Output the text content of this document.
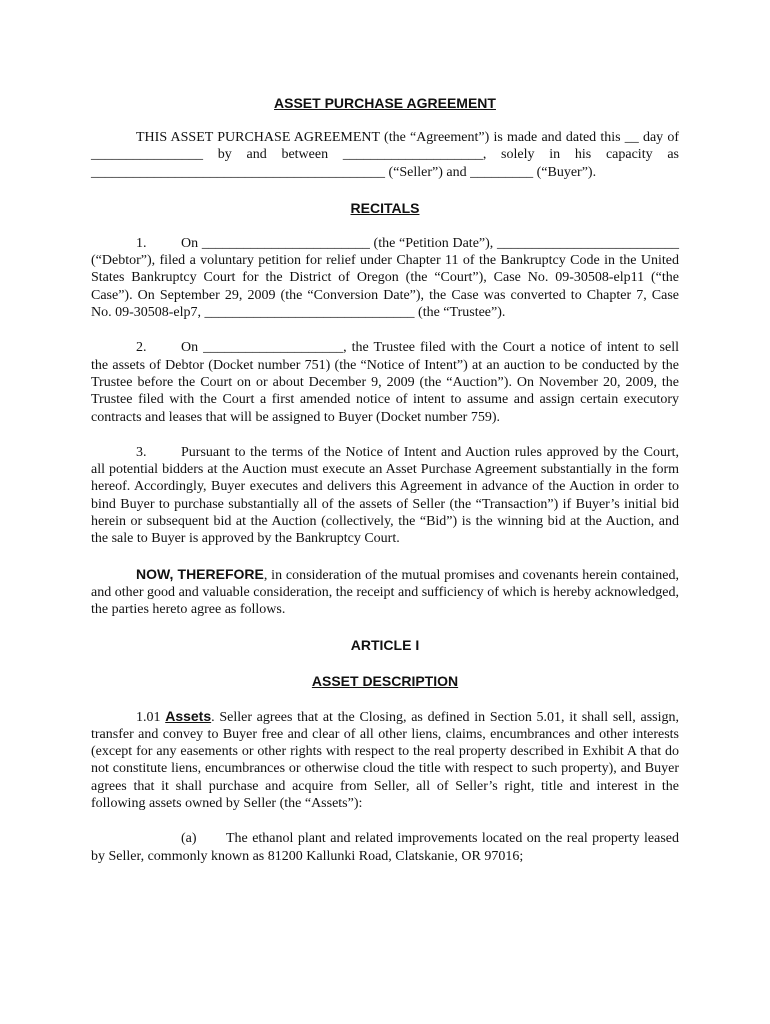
ASSET PURCHASE AGREEMENT

THIS ASSET PURCHASE AGREEMENT (the “Agreement”) is made and dated this __ day of ________________ by and between ____________________, solely in his capacity as __________________________________________ (“Seller”) and _________ (“Buyer”).

RECITALS

1. On ________________________ (the “Petition Date”), __________________________ (“Debtor”), filed a voluntary petition for relief under Chapter 11 of the Bankruptcy Code in the United States Bankruptcy Court for the District of Oregon (the “Court”), Case No. 09-30508-elp11 (“the Case”). On September 29, 2009 (the “Conversion Date”), the Case was converted to Chapter 7, Case No. 09-30508-elp7, ______________________________ (the “Trustee”).

2. On ____________________, the Trustee filed with the Court a notice of intent to sell the assets of Debtor (Docket number 751) (the “Notice of Intent”) at an auction to be conducted by the Trustee before the Court on or about December 9, 2009 (the “Auction”). On November 20, 2009, the Trustee filed with the Court a first amended notice of intent to assume and assign certain executory contracts and leases that will be assigned to Buyer (Docket number 759).

3. Pursuant to the terms of the Notice of Intent and Auction rules approved by the Court, all potential bidders at the Auction must execute an Asset Purchase Agreement substantially in the form hereof. Accordingly, Buyer executes and delivers this Agreement in advance of the Auction in order to bind Buyer to purchase substantially all of the assets of Seller (the “Transaction”) if Buyer’s initial bid herein or subsequent bid at the Auction (collectively, the “Bid”) is the winning bid at the Auction, and the sale to Buyer is approved by the Bankruptcy Court.

NOW, THEREFORE, in consideration of the mutual promises and covenants herein contained, and other good and valuable consideration, the receipt and sufficiency of which is hereby acknowledged, the parties hereto agree as follows.

ARTICLE I

ASSET DESCRIPTION

1.01 Assets. Seller agrees that at the Closing, as defined in Section 5.01, it shall sell, assign, transfer and convey to Buyer free and clear of all other liens, claims, encumbrances and other interests (except for any easements or other rights with respect to the real property described in Exhibit A that do not constitute liens, encumbrances or otherwise cloud the title with respect to such property), and Buyer agrees that it shall purchase and acquire from Seller, all of Seller’s right, title and interest in the following assets owned by Seller (the “Assets”):

(a) The ethanol plant and related improvements located on the real property leased by Seller, commonly known as 81200 Kallunki Road, Clatskanie, OR 97016;
